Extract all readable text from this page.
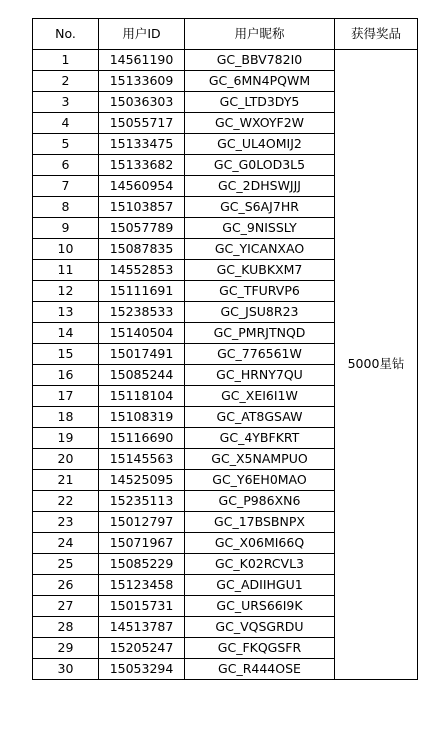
No.	用户ID	用户昵称	获得奖品
1	14561190	GC_BBV782I0	5000星钻
2	15133609	GC_6MN4PQWM	
3	15036303	GC_LTD3DY5	
4	15055717	GC_WXOYF2W	
5	15133475	GC_UL4OMIJ2	
6	15133682	GC_G0LOD3L5	
7	14560954	GC_2DHSWJJJ	
8	15103857	GC_S6AJ7HR	
9	15057789	GC_9NISSLY	
10	15087835	GC_YICANXAO	
11	14552853	GC_KUBKXM7	
12	15111691	GC_TFURVP6	
13	15238533	GC_JSU8R23	
14	15140504	GC_PMRJTNQD	
15	15017491	GC_776561W	
16	15085244	GC_HRNY7QU	
17	15118104	GC_XEI6I1W	
18	15108319	GC_AT8GSAW	
19	15116690	GC_4YBFKRT	
20	15145563	GC_X5NAMPUO	
21	14525095	GC_Y6EH0MAO	
22	15235113	GC_P986XN6	
23	15012797	GC_17BSBNPX	
24	15071967	GC_X06MI66Q	
25	15085229	GC_K02RCVL3	
26	15123458	GC_ADIIHGU1	
27	15015731	GC_URS66I9K	
28	14513787	GC_VQSGRDU	
29	15205247	GC_FKQGSFR	
30	15053294	GC_R444OSE	
